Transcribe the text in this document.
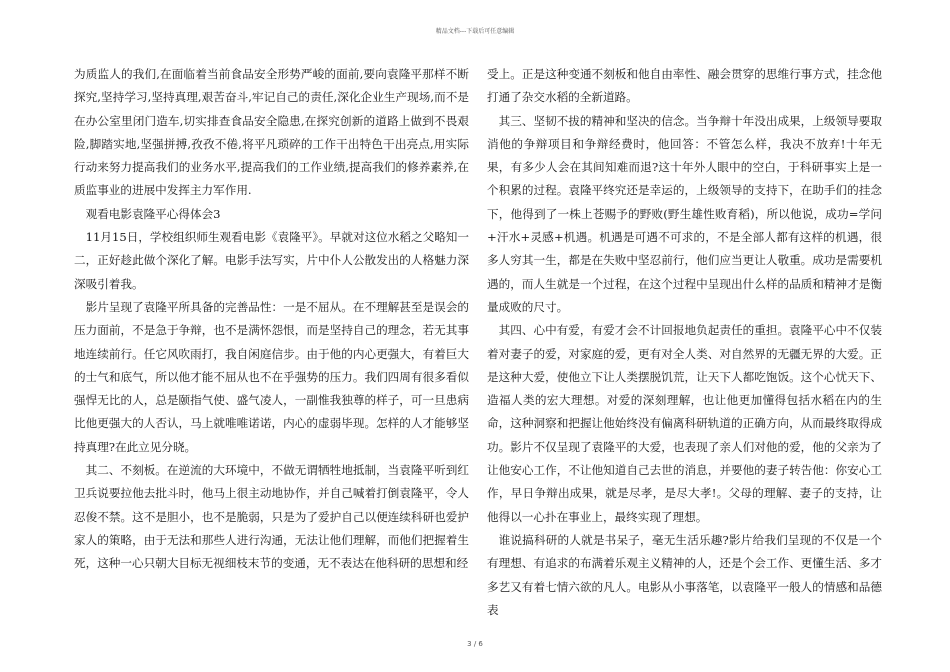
精品文档---下载后可任意编辑

为质监人的我们,在面临着当前食品安全形势严峻的面前,要向袁隆平那样不断探究,坚持学习,坚持真理,艰苦奋斗,牢记自己的责任,深化企业生产现场,而不是在办公室里闭门造车,切实排查食品安全隐患,在探究创新的道路上做到不畏艰险,脚踏实地,坚强拼搏,孜孜不倦,将平凡琐碎的工作干出特色干出亮点,用实际行动来努力提高我们的业务水平,提高我们的工作业绩,提高我们的修养素养,在质监事业的进展中发挥主力军作用.

观看电影袁隆平心得体会3

11月15日，学校组织师生观看电影《袁隆平》。早就对这位水稻之父略知一二，正好趁此做个深化了解。电影手法写实，片中仆人公散发出的人格魅力深深吸引着我。

影片呈现了袁隆平所具备的完善品性：一是不屈从。在不理解甚至是误会的压力面前，不是急于争辩，也不是满怀怨恨，而是坚持自己的理念，若无其事地连续前行。任它风吹雨打，我自闲庭信步。由于他的内心更强大，有着巨大的士气和底气，所以他才能不屈从也不在乎强势的压力。我们四周有很多看似强悍无比的人，总是颐指气使、盛气凌人，一副惟我独尊的样子，可一旦患病比他更强大的人否认，马上就唯唯诺诺，内心的虚弱毕现。怎样的人才能够坚持真理?在此立见分晓。

其二、不刻板。在逆流的大环境中，不做无谓牺牲地抵制，当袁隆平听到红卫兵说要拉他去批斗时，他马上很主动地协作，并自己喊着打倒袁隆平，令人忍俊不禁。这不是胆小，也不是脆弱，只是为了爱护自己以便连续科研也爱护家人的策略，由于无法和那些人进行沟通，无法让他们理解，而他们把握着生死，这种一心只朝大目标无视细枝末节的变通，无不表达在他科研的思想和经

受上。正是这种变通不刻板和他自由率性、融会贯穿的思维行事方式，挂念他打通了杂交水稻的全新道路。

其三、坚韧不拔的精神和坚决的信念。当争辩十年没出成果，上级领导要取消他的争辩项目和争辩经费时，他回答：不管怎么样，我决不放弃!十年无果，有多少人会在其间知难而退?这十年外人眼中的空白，于科研事实上是一个积累的过程。袁隆平终究还是幸运的，上级领导的支持下，在助手们的挂念下，他得到了一株上苍赐予的野败(野生雄性败育稻)，所以他说，成功=学问+汗水+灵感+机遇。机遇是可遇不可求的，不是全部人都有这样的机遇，很多人穷其一生，都是在失败中坚忍前行，他们应当更让人敬重。成功是需要机遇的，而人生就是一个过程，在这个过程中呈现出什么样的品质和精神才是衡量成败的尺寸。

其四、心中有爱，有爱才会不计回报地负起责任的重担。袁隆平心中不仅装着对妻子的爱，对家庭的爱，更有对全人类、对自然界的无疆无界的大爱。正是这种大爱，使他立下让人类摆脱饥荒，让天下人都吃饱饭。这个心忧天下、造福人类的宏大理想。对爱的深刻理解，也让他更加懂得包括水稻在内的生命，这种洞察和把握让他始终没有偏离科研轨道的正确方向，从而最终取得成功。影片不仅呈现了袁隆平的大爱，也表现了亲人们对他的爱，他的父亲为了让他安心工作，不让他知道自己去世的消息，并要他的妻子转告他：你安心工作，早日争辩出成果，就是尽孝，是尽大孝!。父母的理解、妻子的支持，让他得以一心扑在事业上，最终实现了理想。

谁说搞科研的人就是书呆子，毫无生活乐趣?影片给我们呈现的不仅是一个有理想、有追求的布满着乐观主义精神的人，还是个会工作、更懂生活、多才多艺又有着七情六欲的凡人。电影从小事落笔，以袁隆平一般人的情感和品德表

3 / 6
